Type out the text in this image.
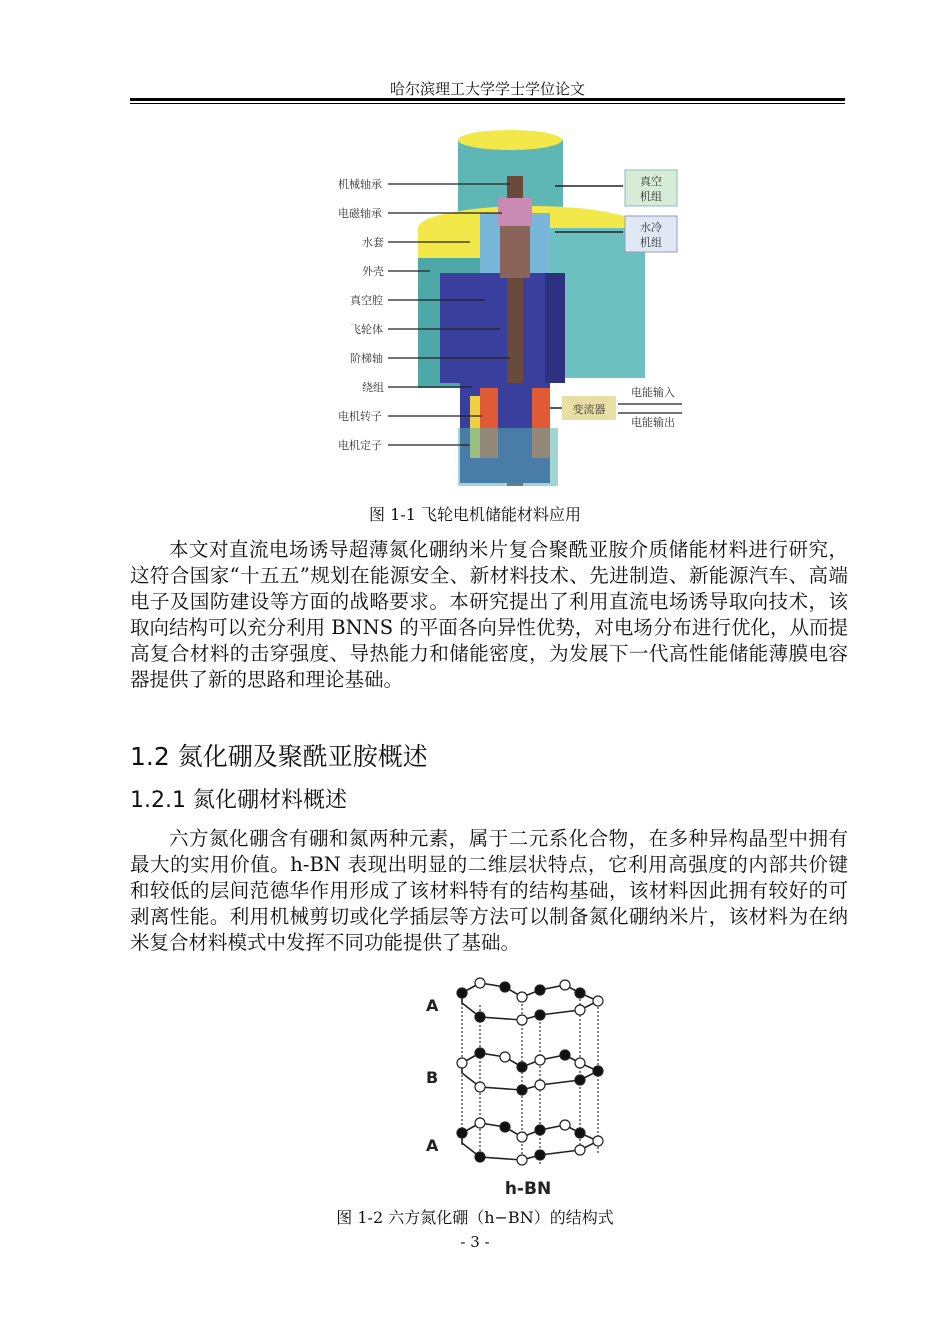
哈尔滨理工大学学士学位论文
真空
机组
水冷
机组
变流器
电能输入
电能输出
机械轴承
电磁轴承
水套
外壳
真空腔
飞轮体
阶梯轴
绕组
电机转子
电机定子
图 1-1 飞轮电机储能材料应用

本文对直流电场诱导超薄氮化硼纳米片复合聚酰亚胺介质储能材料进行研究，这符合国家“十五五”规划在能源安全、新材料技术、先进制造、新能源汽车、高端电子及国防建设等方面的战略要求。本研究提出了利用直流电场诱导取向技术，该取向结构可以充分利用 BNNS 的平面各向异性优势，对电场分布进行优化，从而提高复合材料的击穿强度、导热能力和储能密度，为发展下一代高性能储能薄膜电容器提供了新的思路和理论基础。

1.2 氮化硼及聚酰亚胺概述
1.2.1 氮化硼材料概述

六方氮化硼含有硼和氮两种元素，属于二元系化合物，在多种异构晶型中拥有最大的实用价值。h-BN 表现出明显的二维层状特点，它利用高强度的内部共价键和较低的层间范德华作用形成了该材料特有的结构基础，该材料因此拥有较好的可剥离性能。利用机械剪切或化学插层等方法可以制备氮化硼纳米片，该材料为在纳米复合材料模式中发挥不同功能提供了基础。

A
B
A
h-BN
图 1-2 六方氮化硼（h−BN）的结构式
- 3 -
